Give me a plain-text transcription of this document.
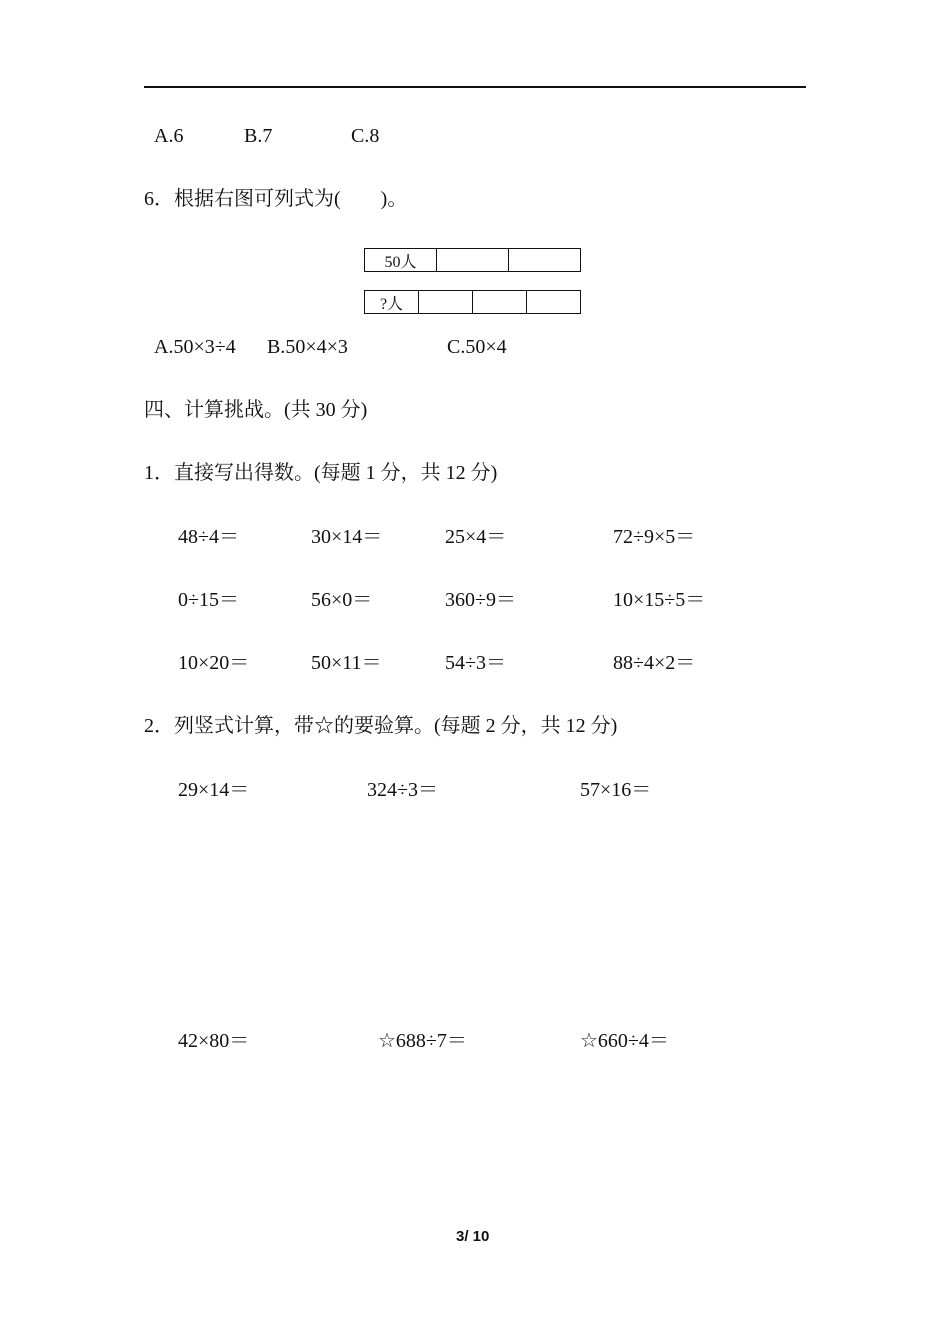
A.6	B.7	C.8
6．根据右图可列式为(　　)。
50人
?人
A.50×3÷4 B.50×4×3	C.50×4
四、计算挑战。(共 30 分)
1．直接写出得数。(每题 1 分，共 12 分)
48÷4＝	30×14＝	25×4＝	72÷9×5＝
0÷15＝	56×0＝	360÷9＝	10×15÷5＝
10×20＝	50×11＝	54÷3＝	88÷4×2＝
2．列竖式计算，带☆的要验算。(每题 2 分，共 12 分)
29×14＝	324÷3＝	57×16＝
42×80＝	☆688÷7＝	☆660÷4＝
3/ 10
